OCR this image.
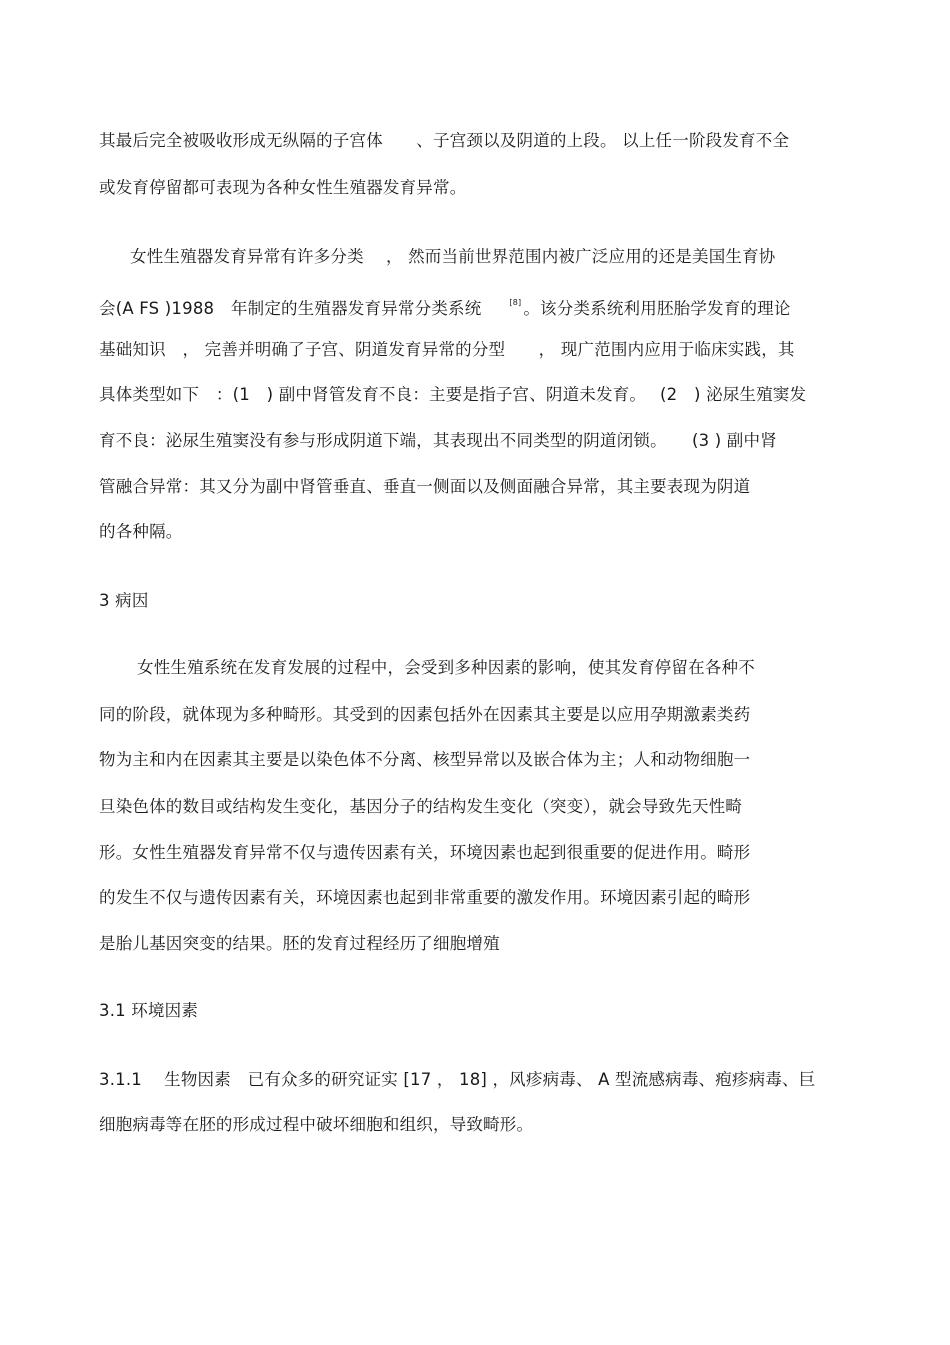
其最后完全被吸收形成无纵隔的子宫体　　、子宫颈以及阴道的上段。 以上任一阶段发育不全
或发育停留都可表现为各种女性生殖器发育异常。
女性生殖器发育异常有许多分类　 ， 然而当前世界范围内被广泛应用的还是美国生育协
会(A FS )1988　年制定的生殖器发育异常分类系统	[8] 。该分类系统利用胚胎学发育的理论
基础知识　， 完善并明确了子宫、阴道发育异常的分型　　， 现广范围内应用于临床实践，其
具体类型如下　：(1　) 副中肾管发育不良：主要是指子宫、阴道未发育。　 (2　) 泌尿生殖窦发
育不良：泌尿生殖窦没有参与形成阴道下端，其表现出不同类型的阴道闭锁。　　(3 ) 副中肾
管融合异常：其又分为副中肾管垂直、垂直一侧面以及侧面融合异常，其主要表现为阴道
的各种隔。
3 病因
女性生殖系统在发育发展的过程中，会受到多种因素的影响，使其发育停留在各种不
同的阶段，就体现为多种畸形。其受到的因素包括外在因素其主要是以应用孕期激素类药
物为主和内在因素其主要是以染色体不分离、核型异常以及嵌合体为主；人和动物细胞一
旦染色体的数目或结构发生变化，基因分子的结构发生变化（突变），就会导致先天性畸
形。女性生殖器发育异常不仅与遗传因素有关，环境因素也起到很重要的促进作用。畸形
的发生不仅与遗传因素有关，环境因素也起到非常重要的激发作用。环境因素引起的畸形
是胎儿基因突变的结果。胚的发育过程经历了细胞增殖
3.1 环境因素
3.1.1　 生物因素　已有众多的研究证实 [17 ， 18] ，风疹病毒、 A 型流感病毒、疱疹病毒、巨
细胞病毒等在胚的形成过程中破坏细胞和组织，导致畸形。
